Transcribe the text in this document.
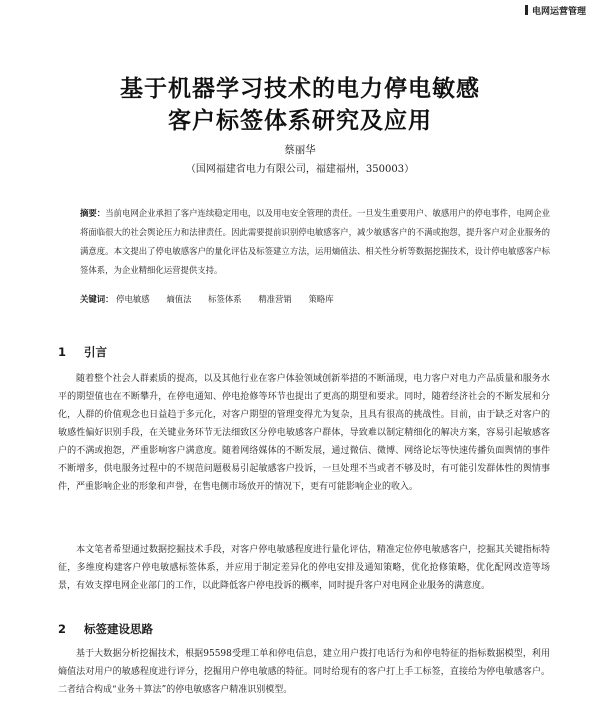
电网运营管理
基于机器学习技术的电力停电敏感
客户标签体系研究及应用
蔡丽华
（国网福建省电力有限公司，福建福州，350003）

摘要：当前电网企业承担了客户连续稳定用电，以及用电安全管理的责任。一旦发生重要用户、敏感用户的停电事件，电网企业将面临很大的社会舆论压力和法律责任。因此需要提前识别停电敏感客户，减少敏感客户的不满或抱怨，提升客户对企业服务的满意度。本文提出了停电敏感客户的量化评估及标签建立方法，运用熵值法、相关性分析等数据挖掘技术，设计停电敏感客户标签体系，为企业精细化运营提供支持。

关键词： 停电敏感 熵值法 标签体系 精准营销 策略库

1 引言

随着整个社会人群素质的提高，以及其他行业在客户体验领域创新举措的不断涌现，电力客户对电力产品质量和服务水平的期望值也在不断攀升，在停电通知、停电抢修等环节也提出了更高的期望和要求。同时，随着经济社会的不断发展和分化，人群的价值观念也日益趋于多元化，对客户期望的管理变得尤为复杂，且具有很高的挑战性。目前，由于缺乏对客户的敏感性偏好识别手段，在关键业务环节无法细致区分停电敏感客户群体，导致难以制定精细化的解决方案，容易引起敏感客户的不满或抱怨，严重影响客户满意度。随着网络媒体的不断发展，通过微信、微博、网络论坛等快速传播负面舆情的事件不断增多，供电服务过程中的不规范问题极易引起敏感客户投诉，一旦处理不当或者不够及时，有可能引发群体性的舆情事件，严重影响企业的形象和声誉，在售电侧市场放开的情况下，更有可能影响企业的收入。

本文笔者希望通过数据挖掘技术手段，对客户停电敏感程度进行量化评估，精准定位停电敏感客户，挖掘其关键指标特征，多维度构建客户停电敏感标签体系，并应用于制定差异化的停电安排及通知策略，优化抢修策略，优化配网改造等场景，有效支撑电网企业部门的工作，以此降低客户停电投诉的概率，同时提升客户对电网企业服务的满意度。

2 标签建设思路

基于大数据分析挖掘技术，根据95598受理工单和停电信息，建立用户拨打电话行为和停电特征的指标数据模型，利用熵值法对用户的敏感程度进行评分，挖掘用户停电敏感的特征。同时给现有的客户打上手工标签，直接给为停电敏感客户。二者结合构成“业务＋算法”的停电敏感客户精准识别模型。
